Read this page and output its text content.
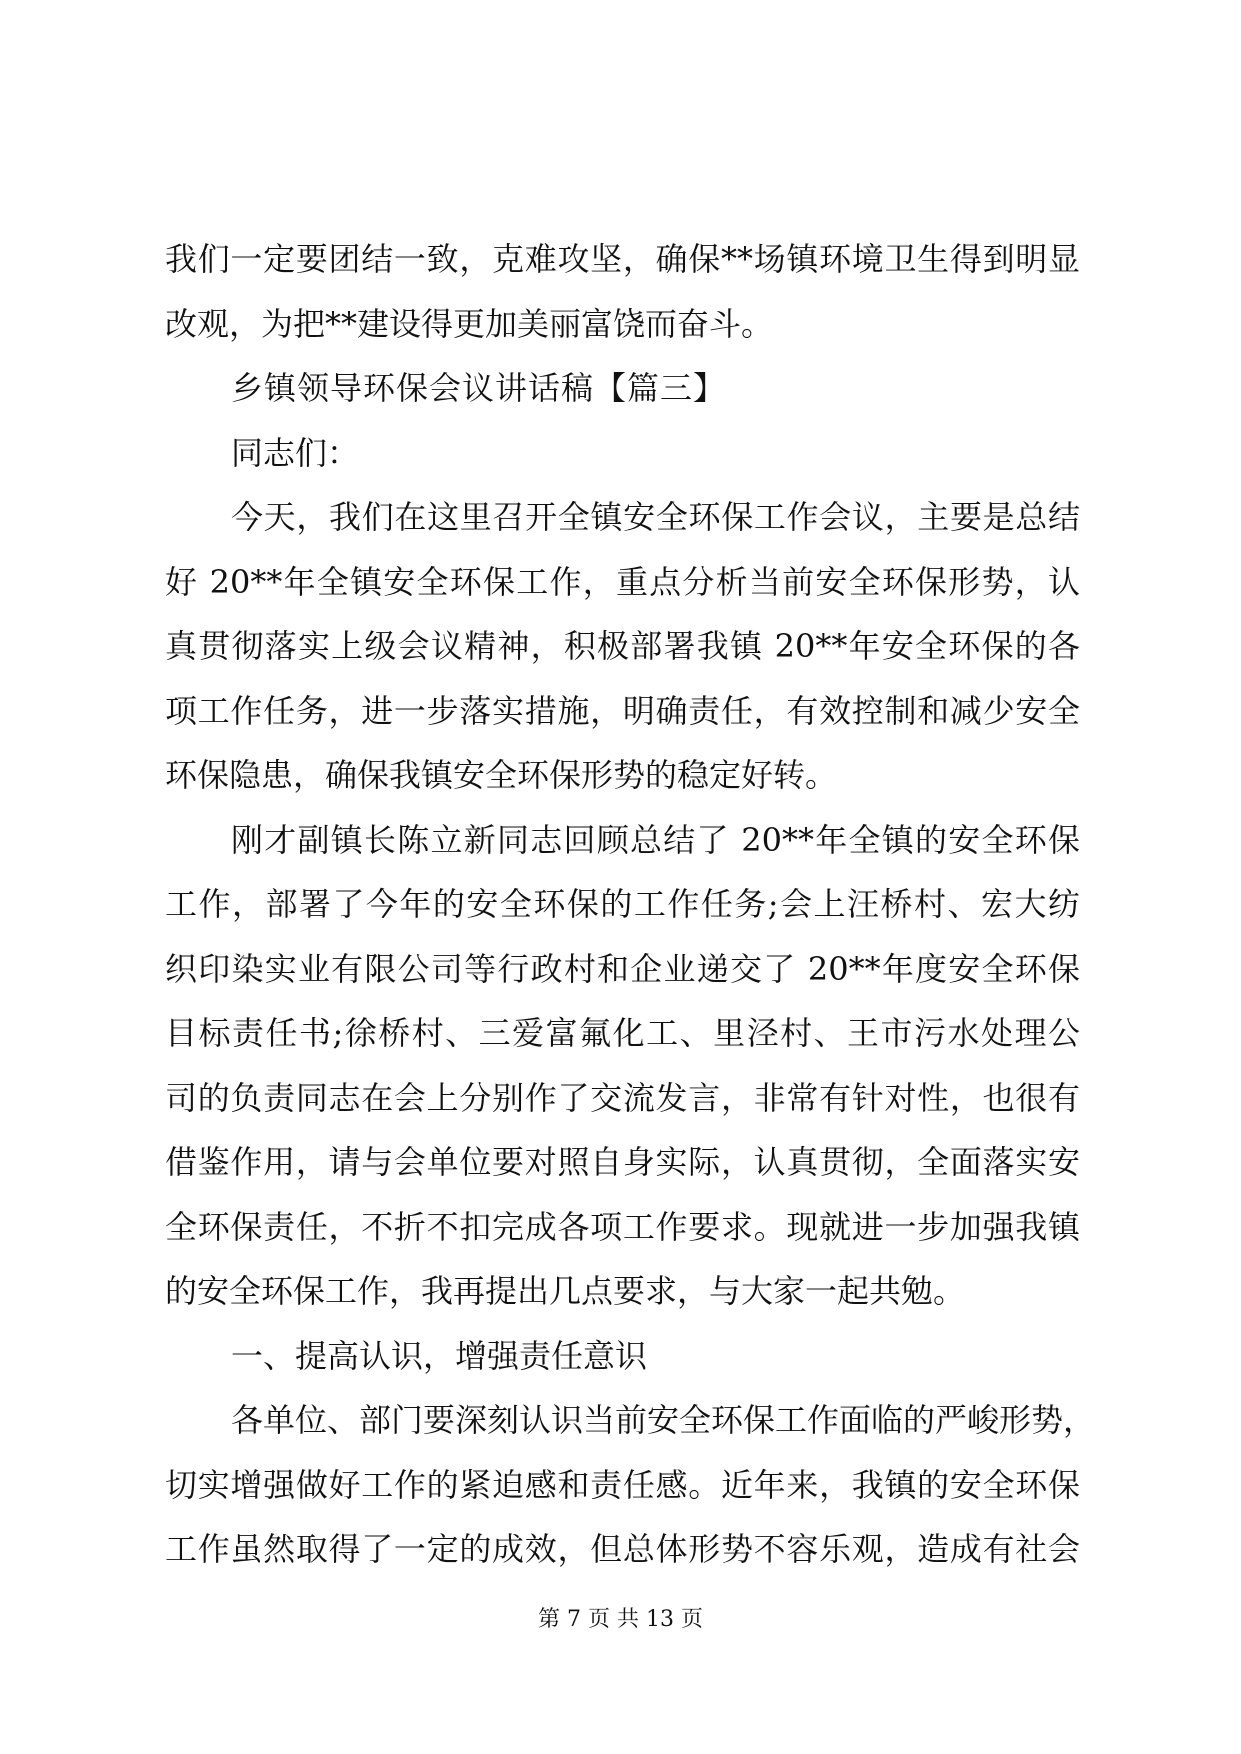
我们一定要团结一致，克难攻坚，确保**场镇环境卫生得到明显
改观，为把**建设得更加美丽富饶而奋斗。
乡镇领导环保会议讲话稿【篇三】
同志们：
今天，我们在这里召开全镇安全环保工作会议，主要是总结
好 20**年全镇安全环保工作，重点分析当前安全环保形势，认
真贯彻落实上级会议精神，积极部署我镇 20**年安全环保的各
项工作任务，进一步落实措施，明确责任，有效控制和减少安全
环保隐患，确保我镇安全环保形势的稳定好转。
刚才副镇长陈立新同志回顾总结了 20**年全镇的安全环保
工作，部署了今年的安全环保的工作任务;会上汪桥村、宏大纺
织印染实业有限公司等行政村和企业递交了 20**年度安全环保
目标责任书;徐桥村、三爱富氟化工、里泾村、王市污水处理公
司的负责同志在会上分别作了交流发言，非常有针对性，也很有
借鉴作用，请与会单位要对照自身实际，认真贯彻，全面落实安
全环保责任，不折不扣完成各项工作要求。现就进一步加强我镇
的安全环保工作，我再提出几点要求，与大家一起共勉。
一、提高认识，增强责任意识
各单位、部门要深刻认识当前安全环保工作面临的严峻形势，
切实增强做好工作的紧迫感和责任感。近年来，我镇的安全环保
工作虽然取得了一定的成效，但总体形势不容乐观，造成有社会
第 7 页 共 13 页
